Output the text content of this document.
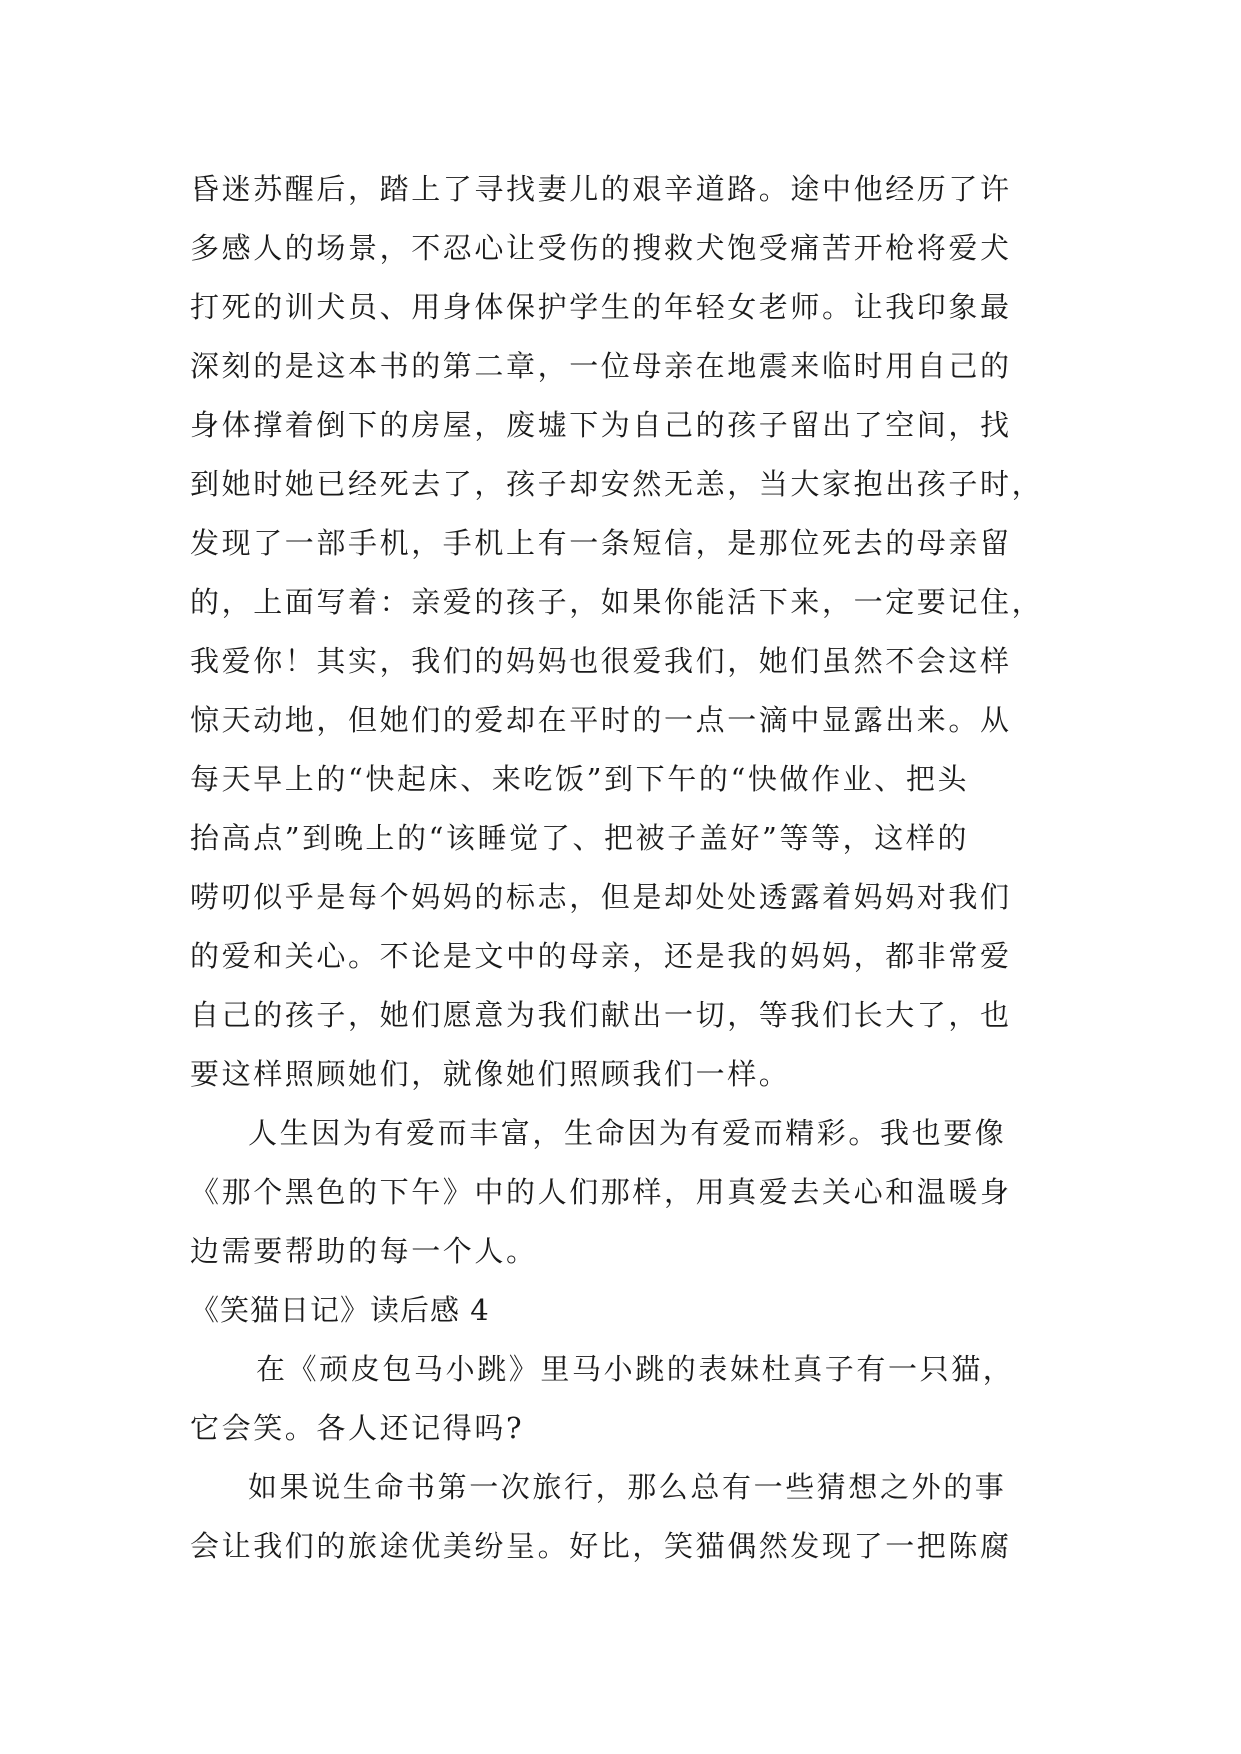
昏迷苏醒后，踏上了寻找妻儿的艰辛道路。途中他经历了许
多感人的场景，不忍心让受伤的搜救犬饱受痛苦开枪将爱犬
打死的训犬员、用身体保护学生的年轻女老师。让我印象最
深刻的是这本书的第二章，一位母亲在地震来临时用自己的
身体撑着倒下的房屋，废墟下为自己的孩子留出了空间，找
到她时她已经死去了，孩子却安然无恙，当大家抱出孩子时，
发现了一部手机，手机上有一条短信，是那位死去的母亲留
的，上面写着：亲爱的孩子，如果你能活下来，一定要记住，
我爱你！其实，我们的妈妈也很爱我们，她们虽然不会这样
惊天动地，但她们的爱却在平时的一点一滴中显露出来。从
每天早上的“快起床、来吃饭”到下午的“快做作业、把头
抬高点”到晚上的“该睡觉了、把被子盖好”等等，这样的
唠叨似乎是每个妈妈的标志，但是却处处透露着妈妈对我们
的爱和关心。不论是文中的母亲，还是我的妈妈，都非常爱
自己的孩子，她们愿意为我们献出一切，等我们长大了，也
要这样照顾她们，就像她们照顾我们一样。
人生因为有爱而丰富，生命因为有爱而精彩。我也要像
《那个黑色的下午》中的人们那样，用真爱去关心和温暖身
边需要帮助的每一个人。
《笑猫日记》读后感 4
在《顽皮包马小跳》里马小跳的表妹杜真子有一只猫，
它会笑。各人还记得吗?
如果说生命书第一次旅行，那么总有一些猜想之外的事
会让我们的旅途优美纷呈。好比，笑猫偶然发现了一把陈腐
